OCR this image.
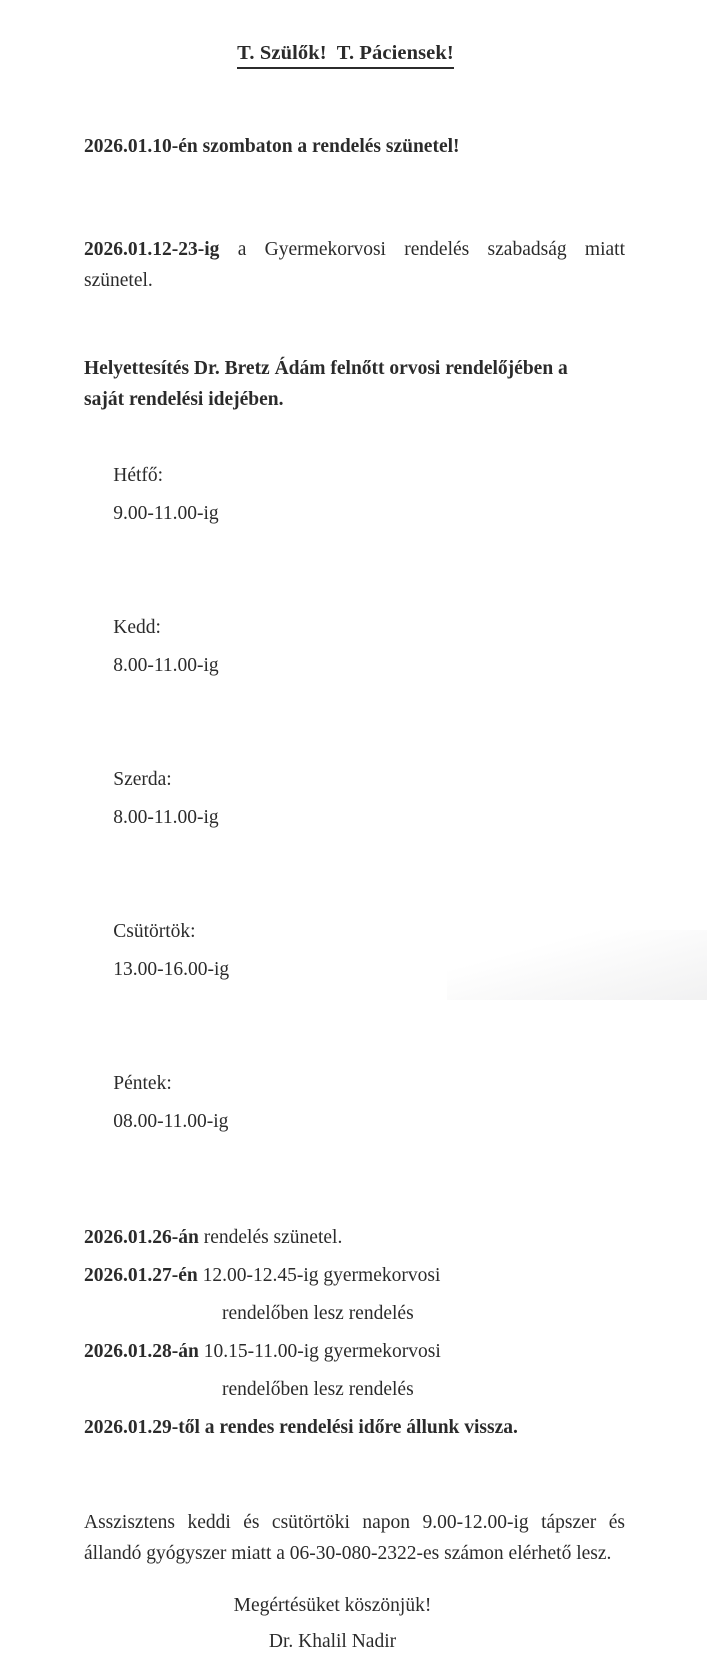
T. Szülők!  T. Páciensek!

2026.01.10-én szombaton a rendelés szünetel!

2026.01.12-23-ig a Gyermekorvosi rendelés szabadság miatt szünetel.

Helyettesítés Dr. Bretz Ádám felnőtt orvosi rendelőjében a
saját rendelési idejében.

Hétfő:
9.00-11.00-ig

Kedd:
8.00-11.00-ig

Szerda:
8.00-11.00-ig

Csütörtök:
13.00-16.00-ig

Péntek:
08.00-11.00-ig

2026.01.26-án rendelés szünetel.
2026.01.27-én 12.00-12.45-ig gyermekorvosi
rendelőben lesz rendelés
2026.01.28-án 10.15-11.00-ig gyermekorvosi
rendelőben lesz rendelés
2026.01.29-től a rendes rendelési időre állunk vissza.

Asszisztens keddi és csütörtöki napon 9.00-12.00-ig tápszer és állandó gyógyszer miatt a 06-30-080-2322-es számon elérhető lesz.

Megértésüket köszönjük!
Dr. Khalil Nadir
